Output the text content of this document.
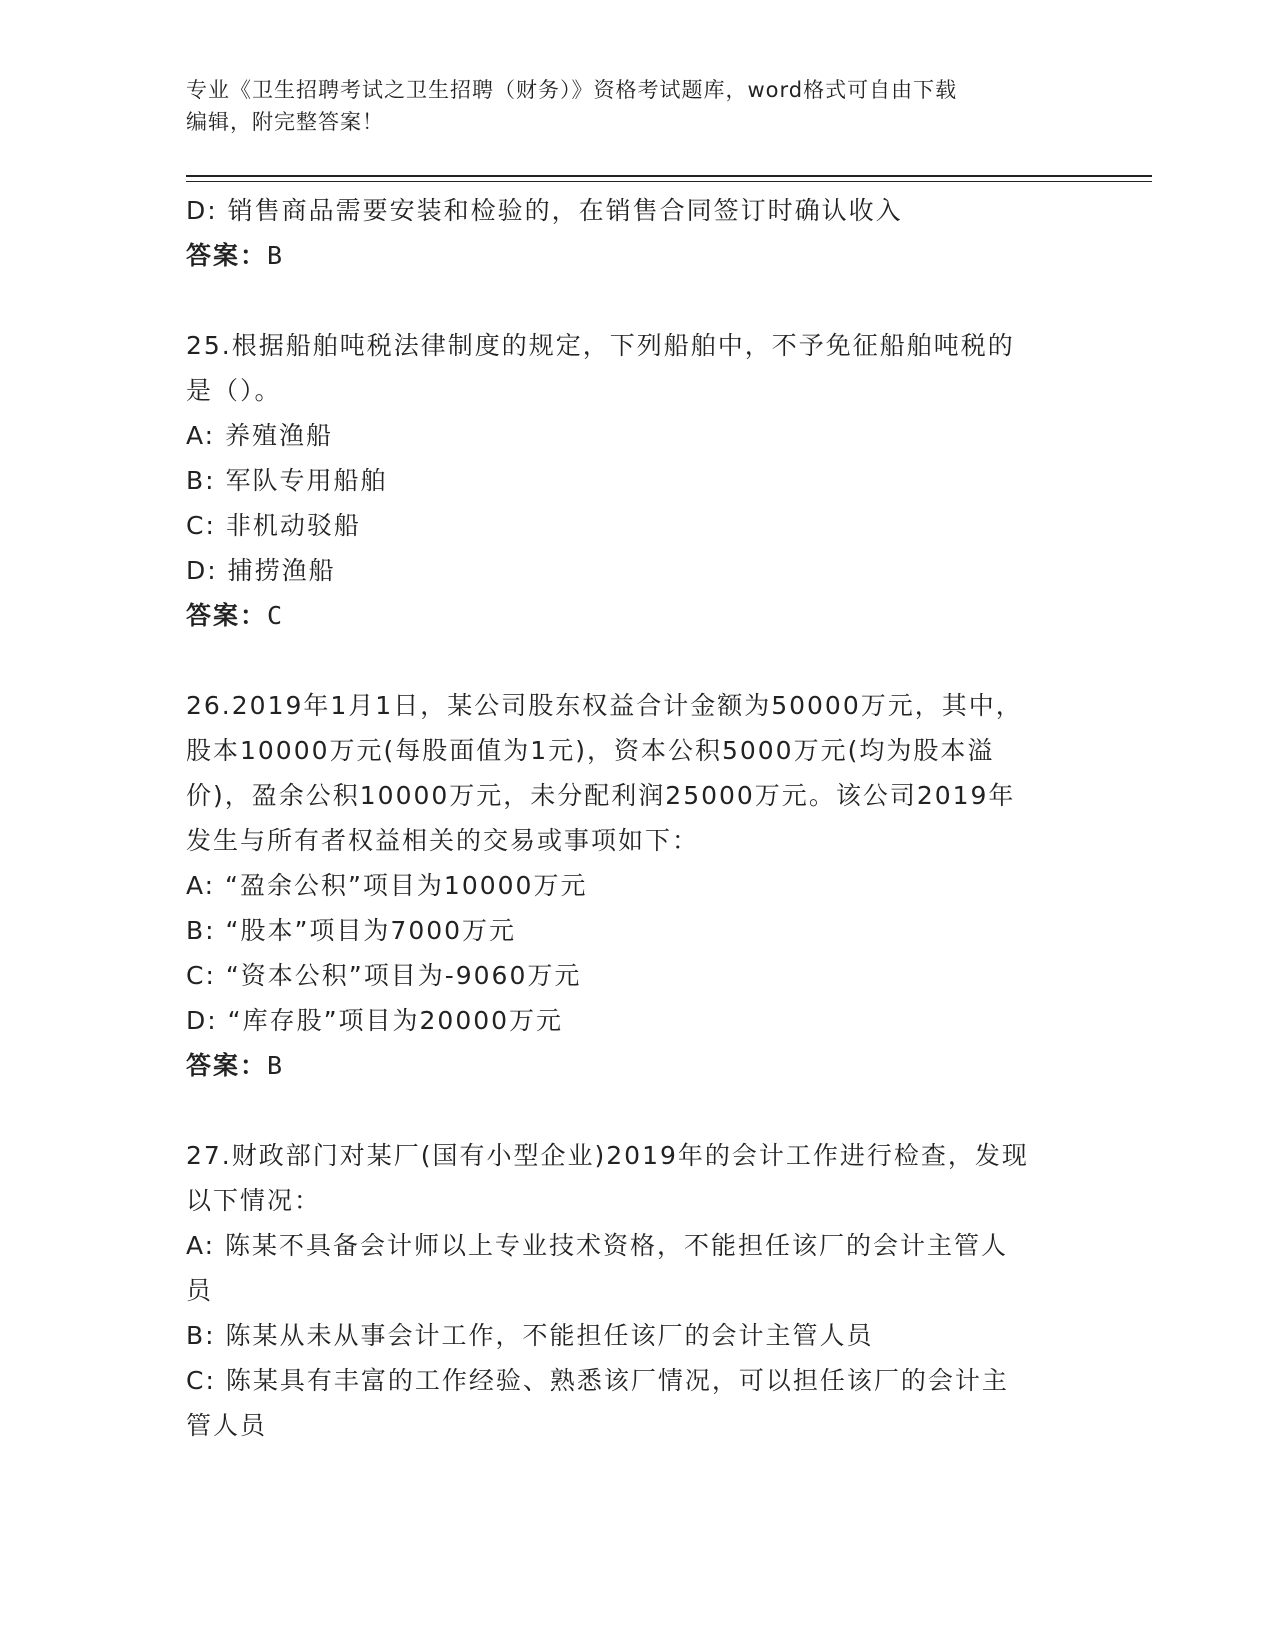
专业《卫生招聘考试之卫生招聘（财务）》资格考试题库，word格式可自由下载
编辑，附完整答案！
D: 销售商品需要安装和检验的，在销售合同签订时确认收入
答案：B
25.根据船舶吨税法律制度的规定，下列船舶中，不予免征船舶吨税的
是（）。
A: 养殖渔船
B: 军队专用船舶
C: 非机动驳船
D: 捕捞渔船
答案：C
26.2019年1月1日，某公司股东权益合计金额为50000万元，其中，
股本10000万元(每股面值为1元)，资本公积5000万元(均为股本溢
价)，盈余公积10000万元，未分配利润25000万元。该公司2019年
发生与所有者权益相关的交易或事项如下：
A: “盈余公积”项目为10000万元
B: “股本”项目为7000万元
C: “资本公积”项目为-9060万元
D: “库存股”项目为20000万元
答案：B
27.财政部门对某厂(国有小型企业)2019年的会计工作进行检查，发现
以下情况：
A: 陈某不具备会计师以上专业技术资格，不能担任该厂的会计主管人
员
B: 陈某从未从事会计工作，不能担任该厂的会计主管人员
C: 陈某具有丰富的工作经验、熟悉该厂情况，可以担任该厂的会计主
管人员
